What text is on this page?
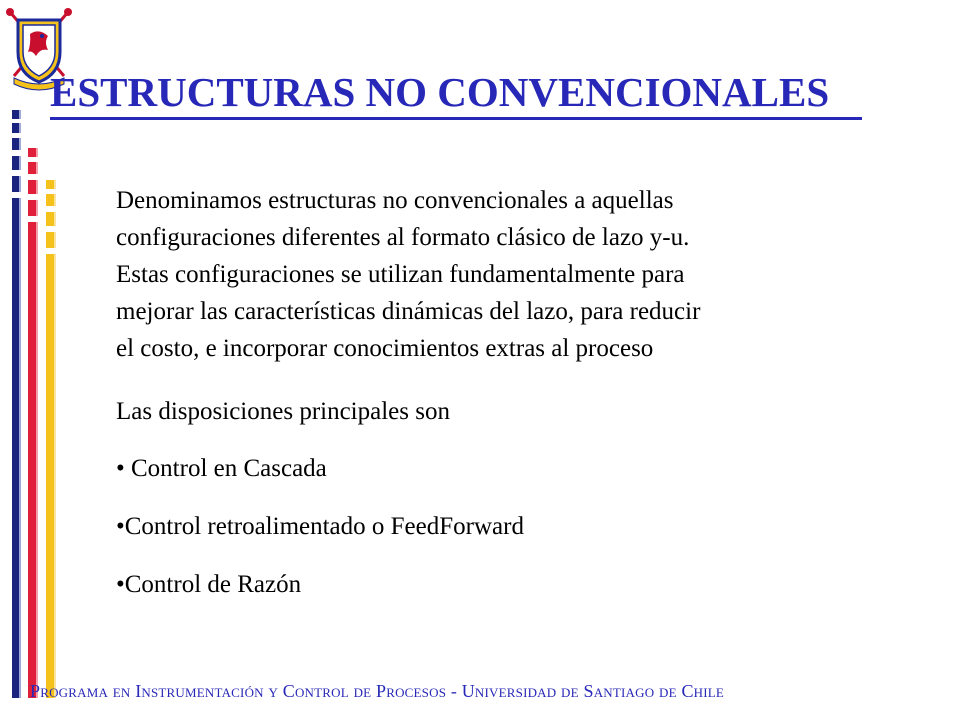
ESTRUCTURAS NO CONVENCIONALES

Denominamos estructuras no convencionales a aquellas
configuraciones diferentes al formato clásico de lazo y-u.
Estas configuraciones se utilizan fundamentalmente para
mejorar las características dinámicas del lazo, para reducir
el costo, e incorporar conocimientos extras al proceso

Las disposiciones principales son
• Control en Cascada
•Control retroalimentado o FeedForward
•Control de Razón
Programa en Instrumentación y Control de Procesos - Universidad de Santiago de Chile
